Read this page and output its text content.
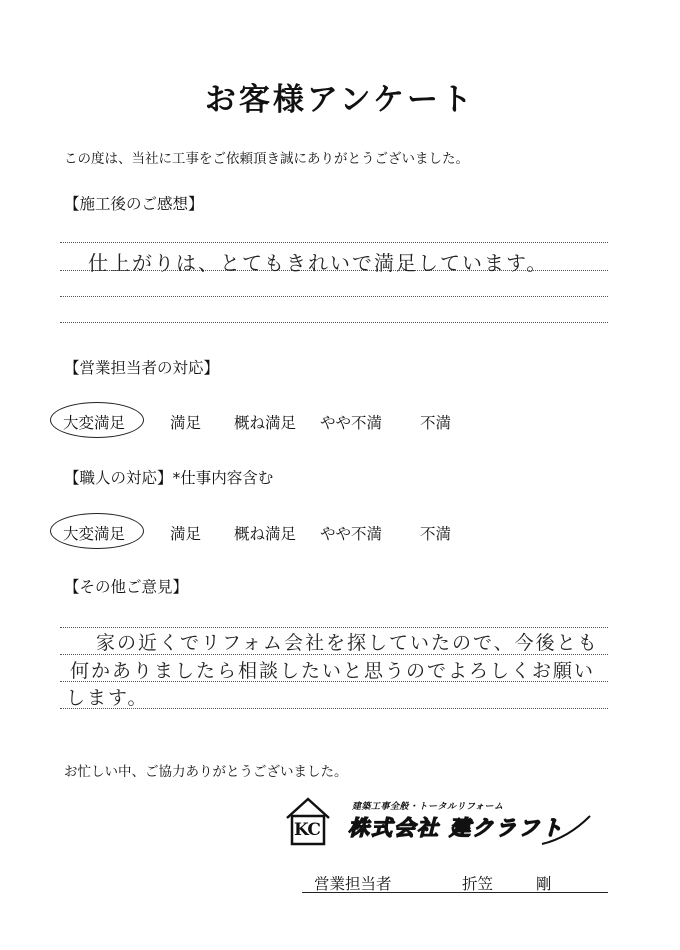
お客様アンケート
この度は、当社に工事をご依頼頂き誠にありがとうございました。
【施工後のご感想】
仕上がりは、とてもきれいで満足しています。
【営業担当者の対応】
大変満足	満足 概ね満足 やや不満 不満
【職人の対応】*仕事内容含む
大変満足	満足 概ね満足 やや不満 不満
【その他ご意見】
家の近くでリフォム会社を探していたので、今後とも
何かありましたら相談したいと思うのでよろしくお願い
します。
お忙しい中、ご協力ありがとうございました。
KC
建築工事全般・トータルリフォーム
株式会社 建クラフト
営業担当者	折笠	剛
